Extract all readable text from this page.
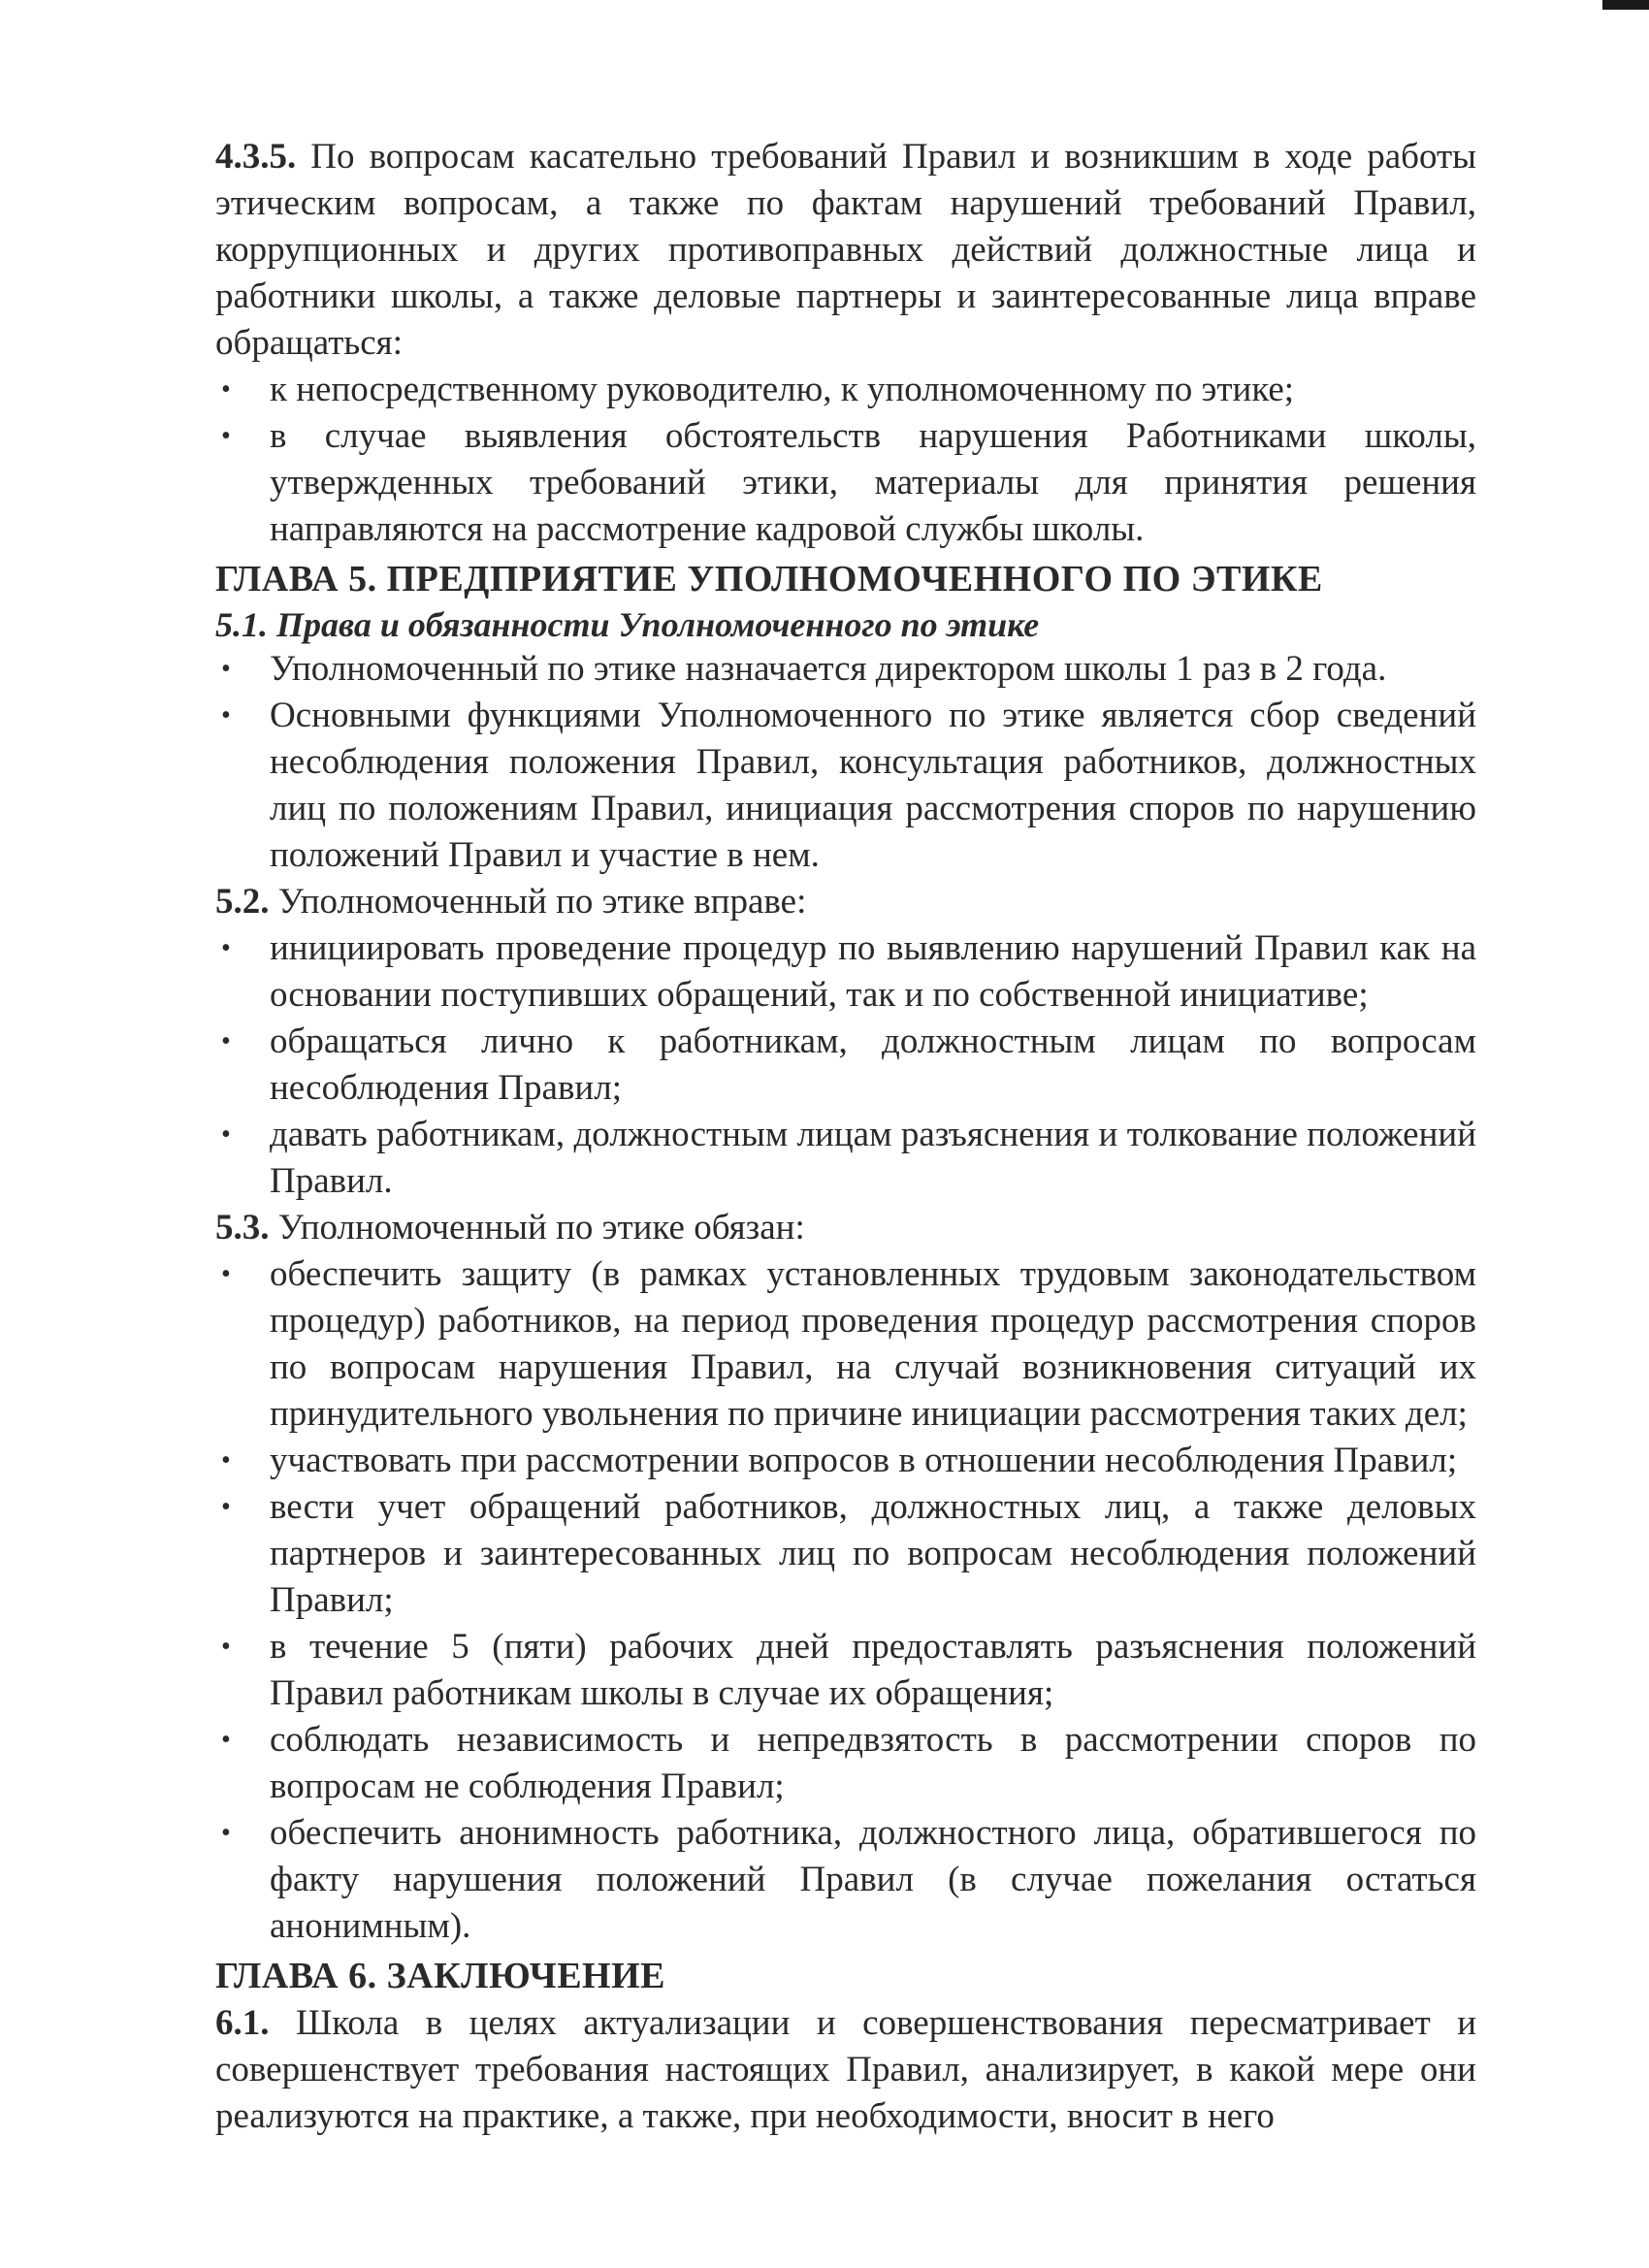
4.3.5. По вопросам касательно требований Правил и возникшим в ходе работы этическим вопросам, а также по фактам нарушений требований Правил, коррупционных и других противоправных действий должностные лица и работники школы, а также деловые партнеры и заинтересованные лица вправе обращаться:

• к непосредственному руководителю, к уполномоченному по этике;
• в случае выявления обстоятельств нарушения Работниками школы, утвержденных требований этики, материалы для принятия решения направляются на рассмотрение кадровой службы школы.
ГЛАВА 5. ПРЕДПРИЯТИЕ УПОЛНОМОЧЕННОГО ПО ЭТИКЕ
5.1. Права и обязанности Уполномоченного по этике
• Уполномоченный по этике назначается директором школы 1 раз в 2 года.
• Основными функциями Уполномоченного по этике является сбор сведений несоблюдения положения Правил, консультация работников, должностных лиц по положениям Правил, инициация рассмотрения споров по нарушению положений Правил и участие в нем.

5.2. Уполномоченный по этике вправе:

• инициировать проведение процедур по выявлению нарушений Правил как на основании поступивших обращений, так и по собственной инициативе;
• обращаться лично к работникам, должностным лицам по вопросам несоблюдения Правил;
• давать работникам, должностным лицам разъяснения и толкование положений Правил.

5.3. Уполномоченный по этике обязан:

• обеспечить защиту (в рамках установленных трудовым законодательством процедур) работников, на период проведения процедур рассмотрения споров по вопросам нарушения Правил, на случай возникновения ситуаций их принудительного увольнения по причине инициации рассмотрения таких дел;
• участвовать при рассмотрении вопросов в отношении несоблюдения Правил;
• вести учет обращений работников, должностных лиц, а также деловых партнеров и заинтересованных лиц по вопросам несоблюдения положений Правил;
• в течение 5 (пяти) рабочих дней предоставлять разъяснения положений Правил работникам школы в случае их обращения;
• соблюдать независимость и непредвзятость в рассмотрении споров по вопросам не соблюдения Правил;
• обеспечить анонимность работника, должностного лица, обратившегося по факту нарушения положений Правил (в случае пожелания остаться анонимным).
ГЛАВА 6. ЗАКЛЮЧЕНИЕ

6.1. Школа в целях актуализации и совершенствования пересматривает и совершенствует требования настоящих Правил, анализирует, в какой мере они реализуются на практике, а также, при необходимости, вносит в него
